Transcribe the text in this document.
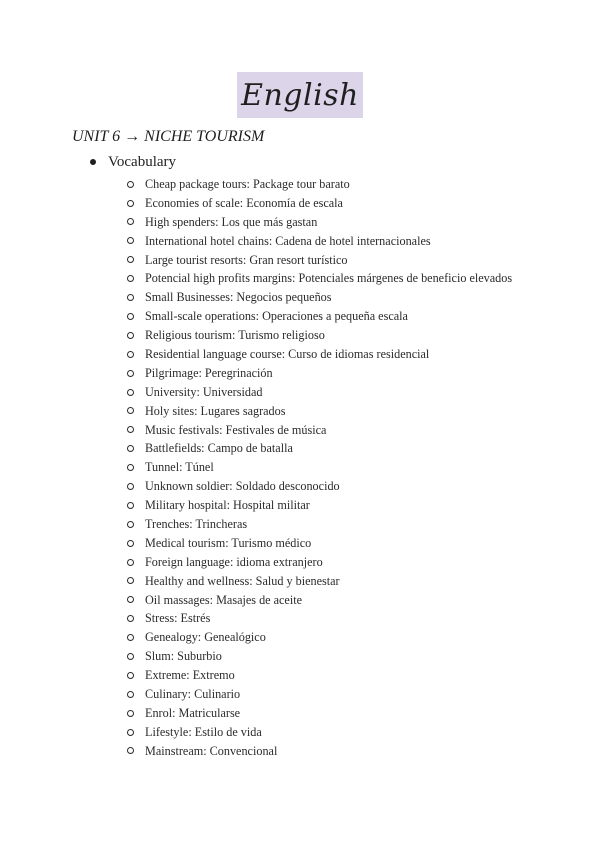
English
UNIT 6 → NICHE TOURISM
Vocabulary
Cheap package tours: Package tour barato
Economies of scale: Economía de escala
High spenders: Los que más gastan
International hotel chains: Cadena de hotel internacionales
Large tourist resorts: Gran resort turístico
Potencial high profits margins: Potenciales márgenes de beneficio elevados
Small Businesses: Negocios pequeños
Small-scale operations: Operaciones a pequeña escala
Religious tourism: Turismo religioso
Residential language course: Curso de idiomas residencial
Pilgrimage: Peregrinación
University: Universidad
Holy sites: Lugares sagrados
Music festivals: Festivales de música
Battlefields: Campo de batalla
Tunnel: Túnel
Unknown soldier: Soldado desconocido
Military hospital: Hospital militar
Trenches: Trincheras
Medical tourism: Turismo médico
Foreign language: idioma extranjero
Healthy and wellness: Salud y bienestar
Oil massages: Masajes de aceite
Stress: Estrés
Genealogy: Genealógico
Slum: Suburbio
Extreme: Extremo
Culinary: Culinario
Enrol: Matricularse
Lifestyle: Estilo de vida
Mainstream: Convencional
